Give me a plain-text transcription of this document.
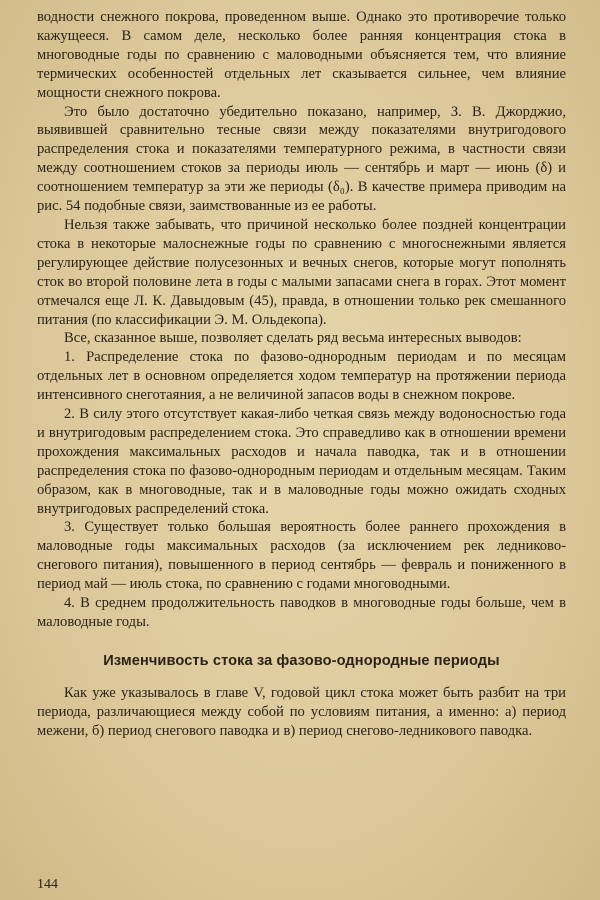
водности снежного покрова, проведенном выше. Однако это противоречие только кажущееся. В самом деле, несколько более ранняя концентрация стока в многоводные годы по сравнению с маловодными объясняется тем, что влияние термических особенностей отдельных лет сказывается сильнее, чем влияние мощности снежного покрова.

Это было достаточно убедительно показано, например, З. В. Джорджио, выявившей сравнительно тесные связи между показателями внутригодового распределения стока и показателями температурного режима, в частности связи между соотношением стоков за периоды июль — сентябрь и март — июнь (δ) и соотношением температур за эти же периоды (δ₀). В качестве примера приводим на рис. 54 подобные связи, заимствованные из ее работы.

Нельзя также забывать, что причиной несколько более поздней концентрации стока в некоторые малоснежные годы по сравнению с многоснежными является регулирующее действие полусезонных и вечных снегов, которые могут пополнять сток во второй половине лета в годы с малыми запасами снега в горах. Этот момент отмечался еще Л. К. Давыдовым (45), правда, в отношении только рек смешанного питания (по классификации Э. М. Ольдекопа).

Все, сказанное выше, позволяет сделать ряд весьма интересных выводов:

1. Распределение стока по фазово-однородным периодам и по месяцам отдельных лет в основном определяется ходом температур на протяжении периода интенсивного снеготаяния, а не величиной запасов воды в снежном покрове.

2. В силу этого отсутствует какая-либо четкая связь между водоносностью года и внутригодовым распределением стока. Это справедливо как в отношении времени прохождения максимальных расходов и начала паводка, так и в отношении распределения стока по фазово-однородным периодам и отдельным месяцам. Таким образом, как в многоводные, так и в маловодные годы можно ожидать сходных внутригодовых распределений стока.

3. Существует только большая вероятность более раннего прохождения в маловодные годы максимальных расходов (за исключением рек ледниково-снегового питания), повышенного в период сентябрь — февраль и пониженного в период май — июль стока, по сравнению с годами многоводными.

4. В среднем продолжительность паводков в многоводные годы больше, чем в маловодные годы.

Изменчивость стока за фазово-однородные периоды

Как уже указывалось в главе V, годовой цикл стока может быть разбит на три периода, различающиеся между собой по условиям питания, а именно: а) период межени, б) период снегового паводка и в) период снегово-ледникового паводка.

144
